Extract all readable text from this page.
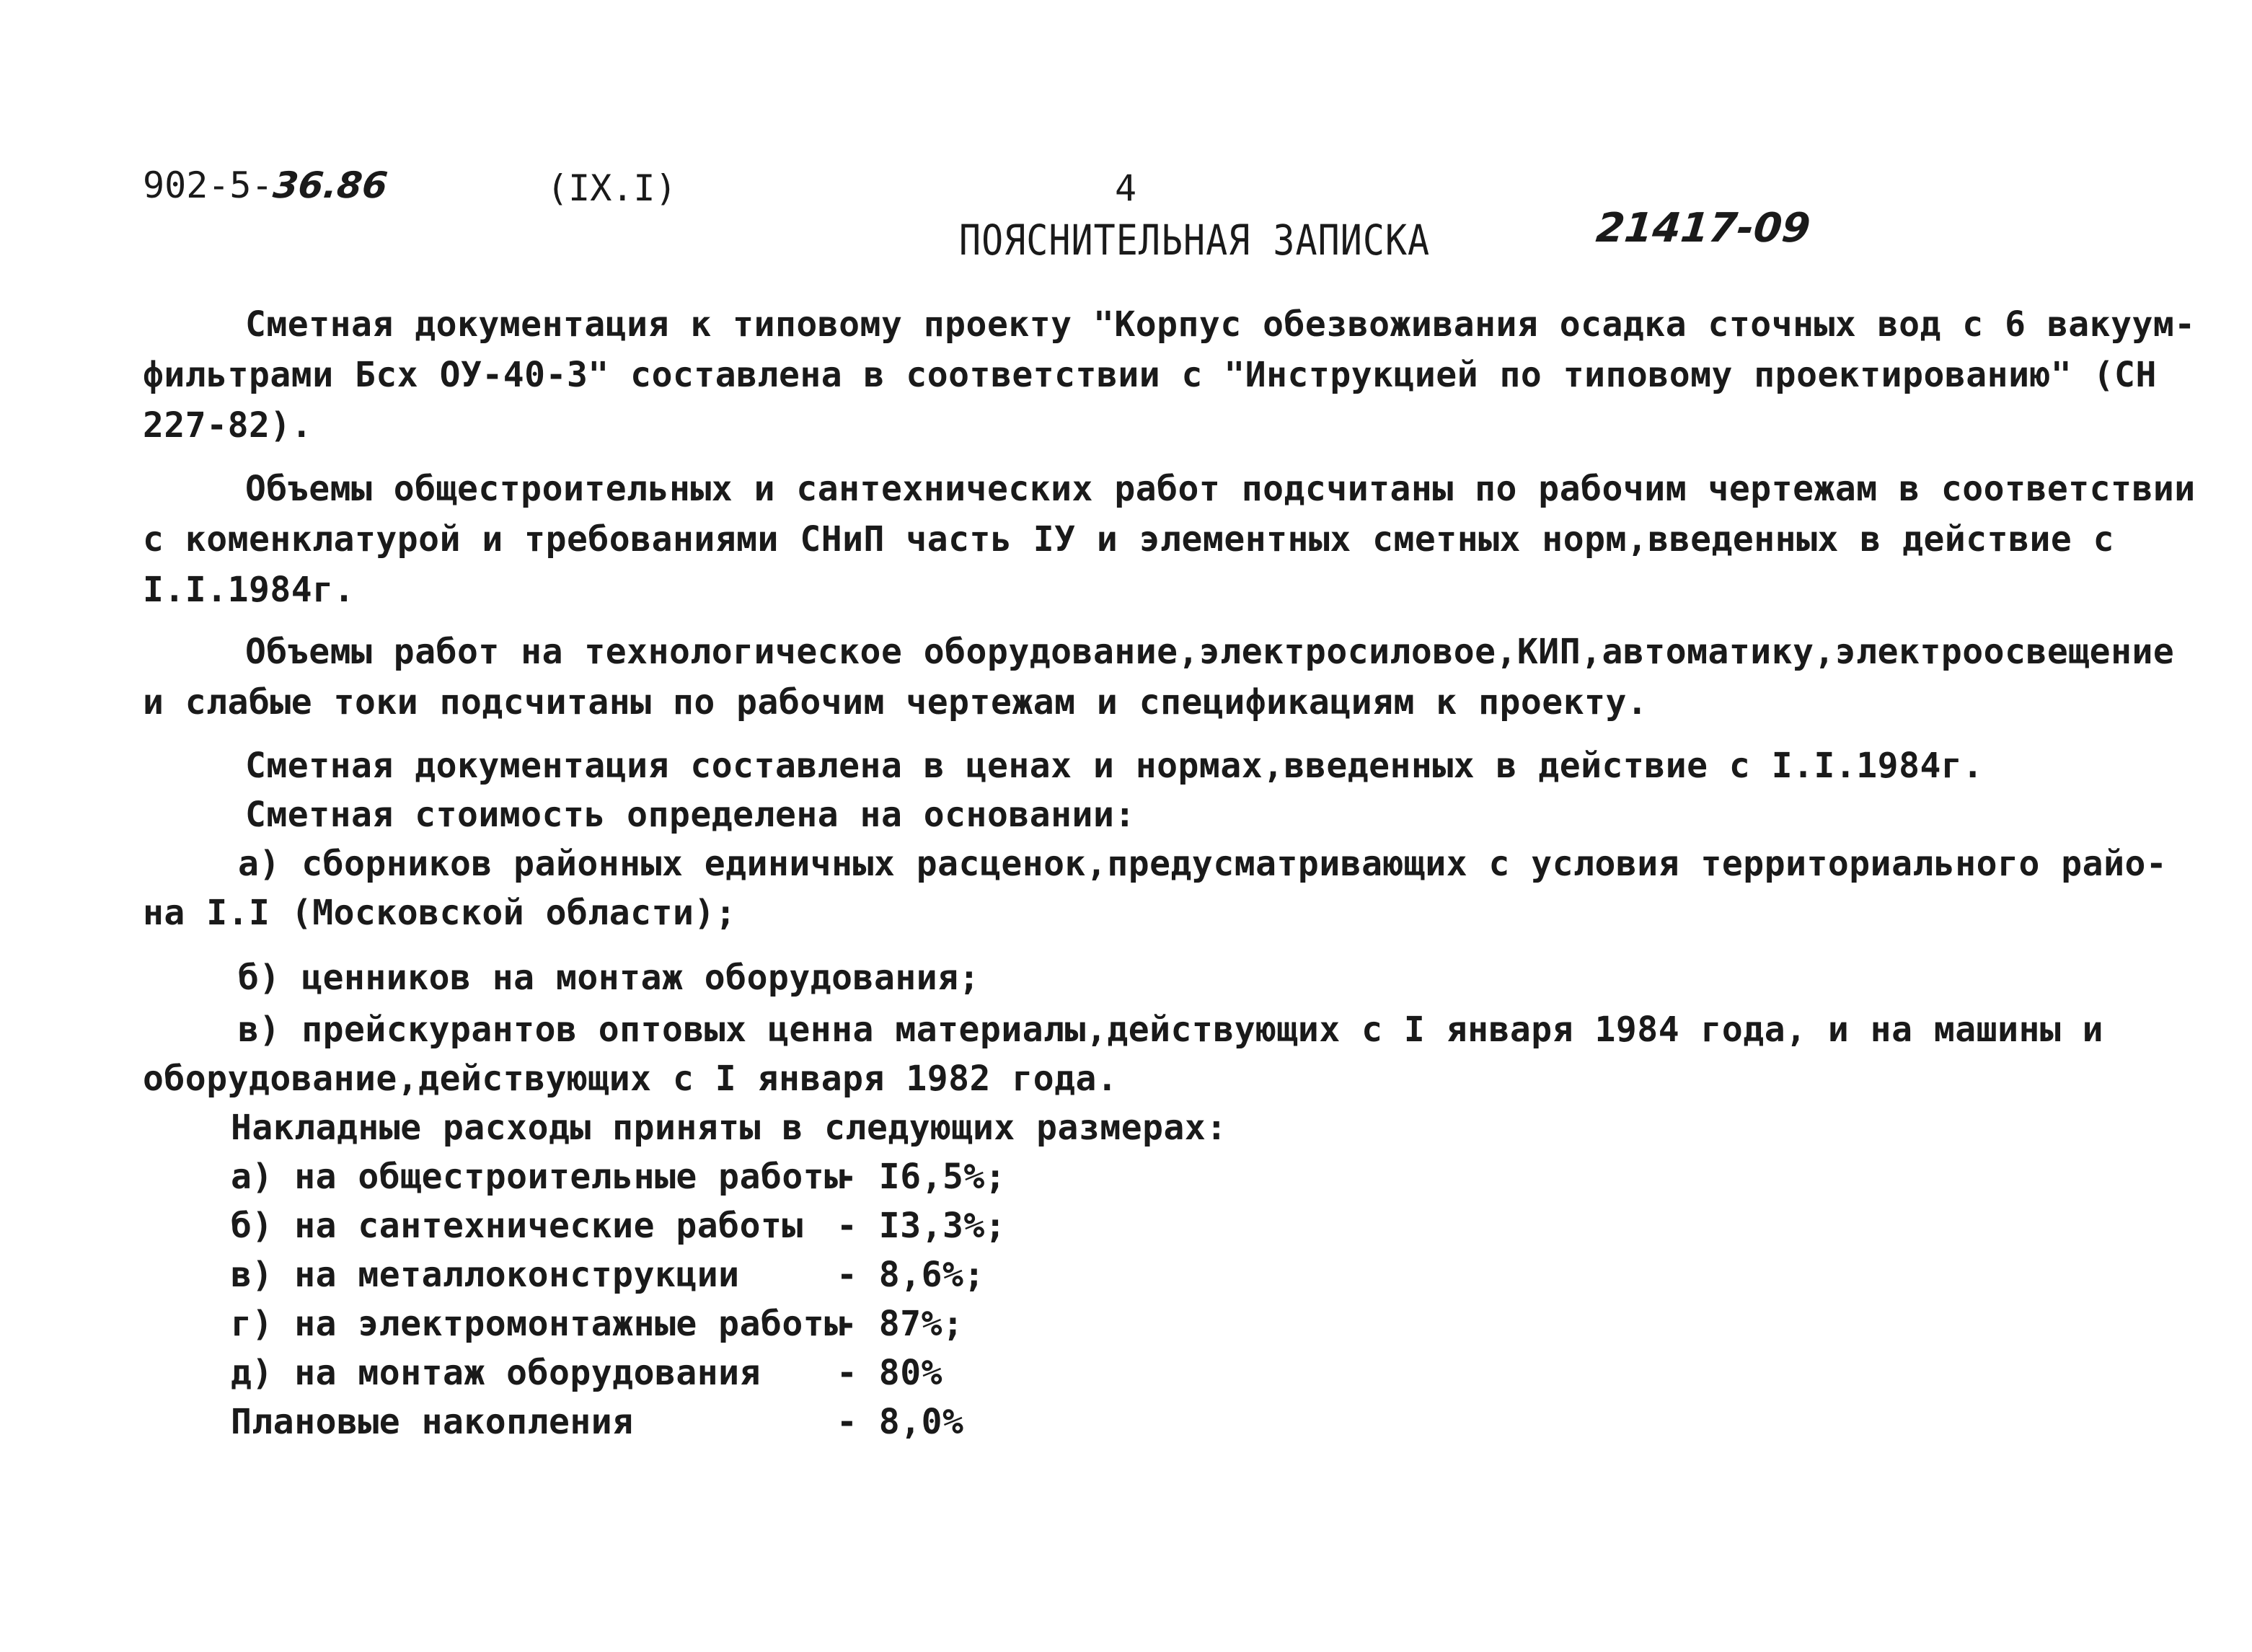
902-5-36.86	(IX.I)	4
ПОЯСНИТЕЛЬНАЯ ЗАПИСКА	21417-09
Сметная документация к типовому проекту "Корпус обезвоживания осадка сточных вод с 6 вакуум-
фильтрами Бсх ОУ-40-3" составлена в соответствии с "Инструкцией по типовому проектированию" (СН
227-82).
Объемы общестроительных и сантехнических работ подсчитаны по рабочим чертежам в соответствии
с коменклатурой и требованиями СНиП часть IУ и элементных сметных норм,введенных в действие с
I.I.1984г.
Объемы работ на технологическое оборудование,электросиловое,КИП,автоматику,электроосвещение
и слабые токи подсчитаны по рабочим чертежам и спецификациям к проекту.
Сметная документация составлена в ценах и нормах,введенных в действие с I.I.1984г.
Сметная стоимость определена на основании:
а) сборников районных единичных расценок,предусматривающих с условия территориального райо-
на I.I (Московской области);
б) ценников на монтаж оборудования;
в) прейскурантов оптовых ценна материалы,действующих с I января 1984 года, и на машины и
оборудование,действующих с I января 1982 года.
Накладные расходы приняты в следующих размерах:
а) на общестроительные работы- I6,5%;
б) на сантехнические работы - I3,3%;
в) на металлоконструкции	- 8,6%;
г) на электромонтажные работы- 87%;
д) на монтаж оборудования - 80%
Плановые накопления	- 8,0%
